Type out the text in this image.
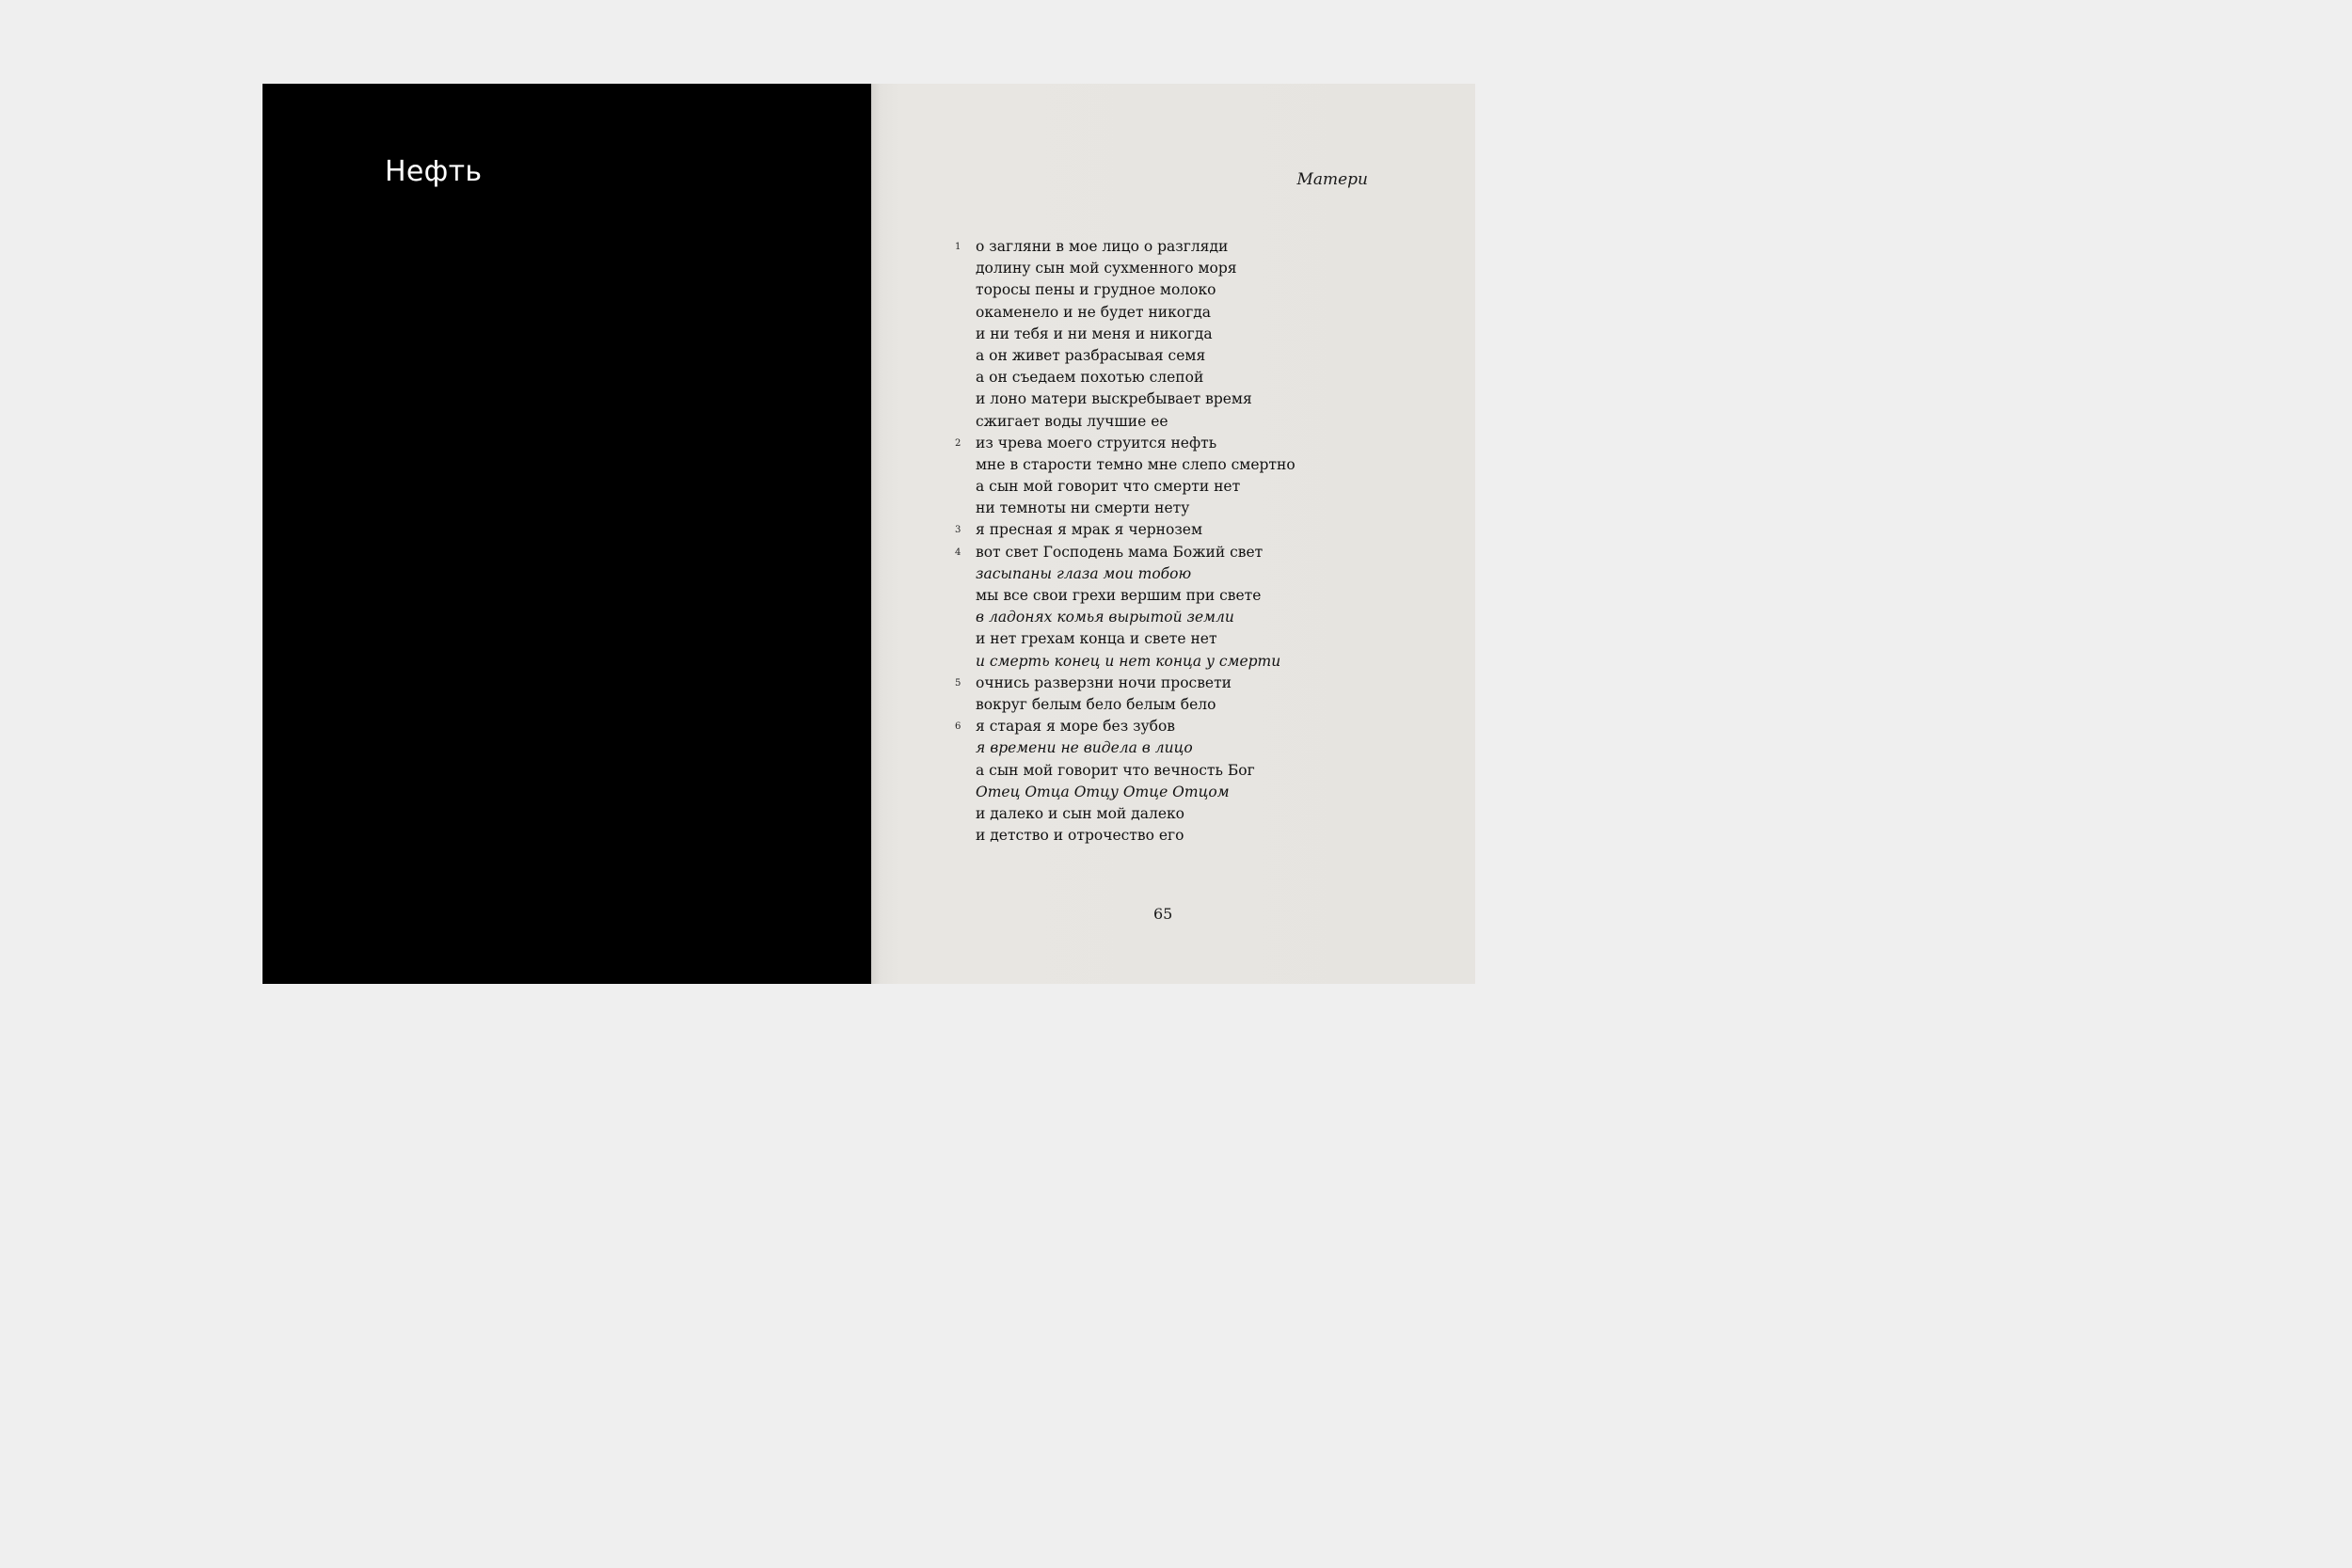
Нефть	Матери
1 о загляни в мое лицо о разгляди
долину сын мой сухменного моря
торосы пены и грудное молоко
окаменело и не будет никогда
и ни тебя и ни меня и никогда
а он живет разбрасывая семя
а он съедаем похотью слепой
и лоно матери выскребывает время
сжигает воды лучшие ее
2 из чрева моего струится нефть
мне в старости темно мне слепо смертно
а сын мой говорит что смерти нет
ни темноты ни смерти нету
3 я пресная я мрак я чернозем
4 вот свет Господень мама Божий свет
засыпаны глаза мои тобою
мы все свои грехи вершим при свете
в ладонях комья вырытой земли
и нет грехам конца и свете нет
и смерть конец и нет конца у смерти
5 очнись разверзни ночи просвети
вокруг белым бело белым бело
6 я старая я море без зубов
я времени не видела в лицо
а сын мой говорит что вечность Бог
Отец Отца Отцу Отце Отцом
и далеко и сын мой далеко
и детство и отрочество его
65
